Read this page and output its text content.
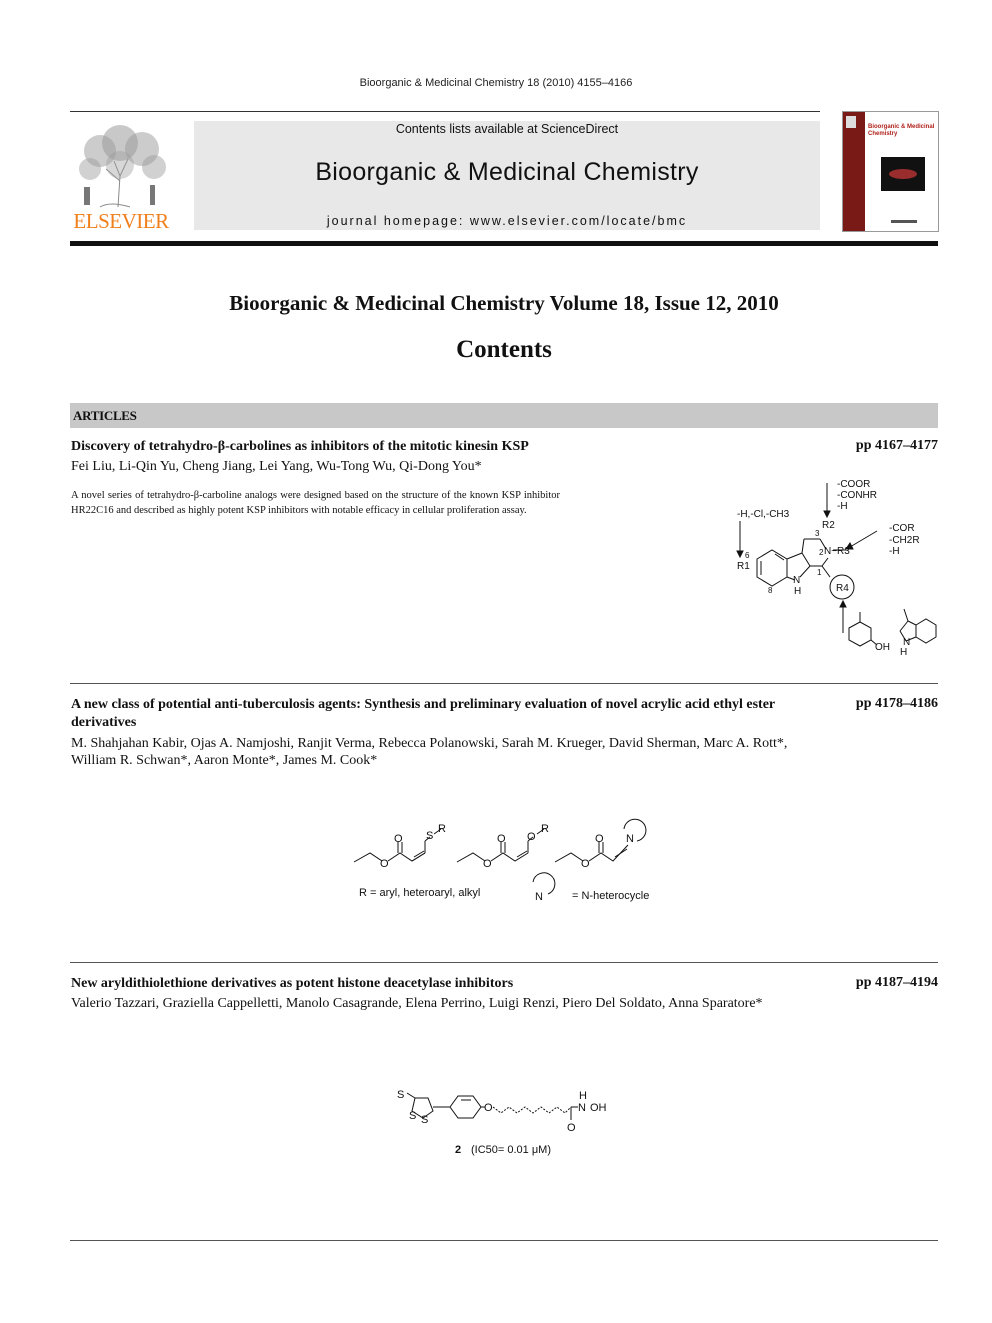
Bioorganic & Medicinal Chemistry 18 (2010) 4155–4166
ELSEVIER
Contents lists available at ScienceDirect
Bioorganic & Medicinal Chemistry
journal homepage: www.elsevier.com/locate/bmc
Bioorganic & Medicinal Chemistry
Bioorganic & Medicinal Chemistry Volume 18, Issue 12, 2010
Contents
ARTICLES
Discovery of tetrahydro-β-carbolines as inhibitors of the mitotic kinesin KSP	pp 4167–4177
Fei Liu, Li-Qin Yu, Cheng Jiang, Lei Yang, Wu-Tong Wu, Qi-Dong You*
A novel series of tetrahydro-β-carboline analogs were designed based on the structure of the known KSP inhibitor HR22C16 and described as highly potent KSP inhibitors with notable efficacy in cellular proliferation assay.
-COOR
-CONHR
-H
-H,-Cl,-CH3
-COR
-CH2R
-H
R2
N−R3
R1
R4
N
H
OH N
H
6
8
3
2
1
A new class of potential anti-tuberculosis agents: Synthesis and preliminary evaluation of novel acrylic acid ethyl ester derivatives
pp 4178–4186
M. Shahjahan Kabir, Ojas A. Namjoshi, Ranjit Verma, Rebecca Polanowski, Sarah M. Krueger, David Sherman, Marc A. Rott*, William R. Schwan*, Aaron Monte*, James M. Cook*
O
O S
R
O
O O
R
O
O N
R = aryl, heteroaryl, alkyl	N	= N-heterocycle
New aryldithiolethione derivatives as potent histone deacetylase inhibitors	pp 4187–4194
Valerio Tazzari, Graziella Cappelletti, Manolo Casagrande, Elena Perrino, Luigi Renzi, Piero Del Soldato, Anna Sparatore*
S
S S
O
H
N OH
O
2 (IC50= 0.01 μM)
